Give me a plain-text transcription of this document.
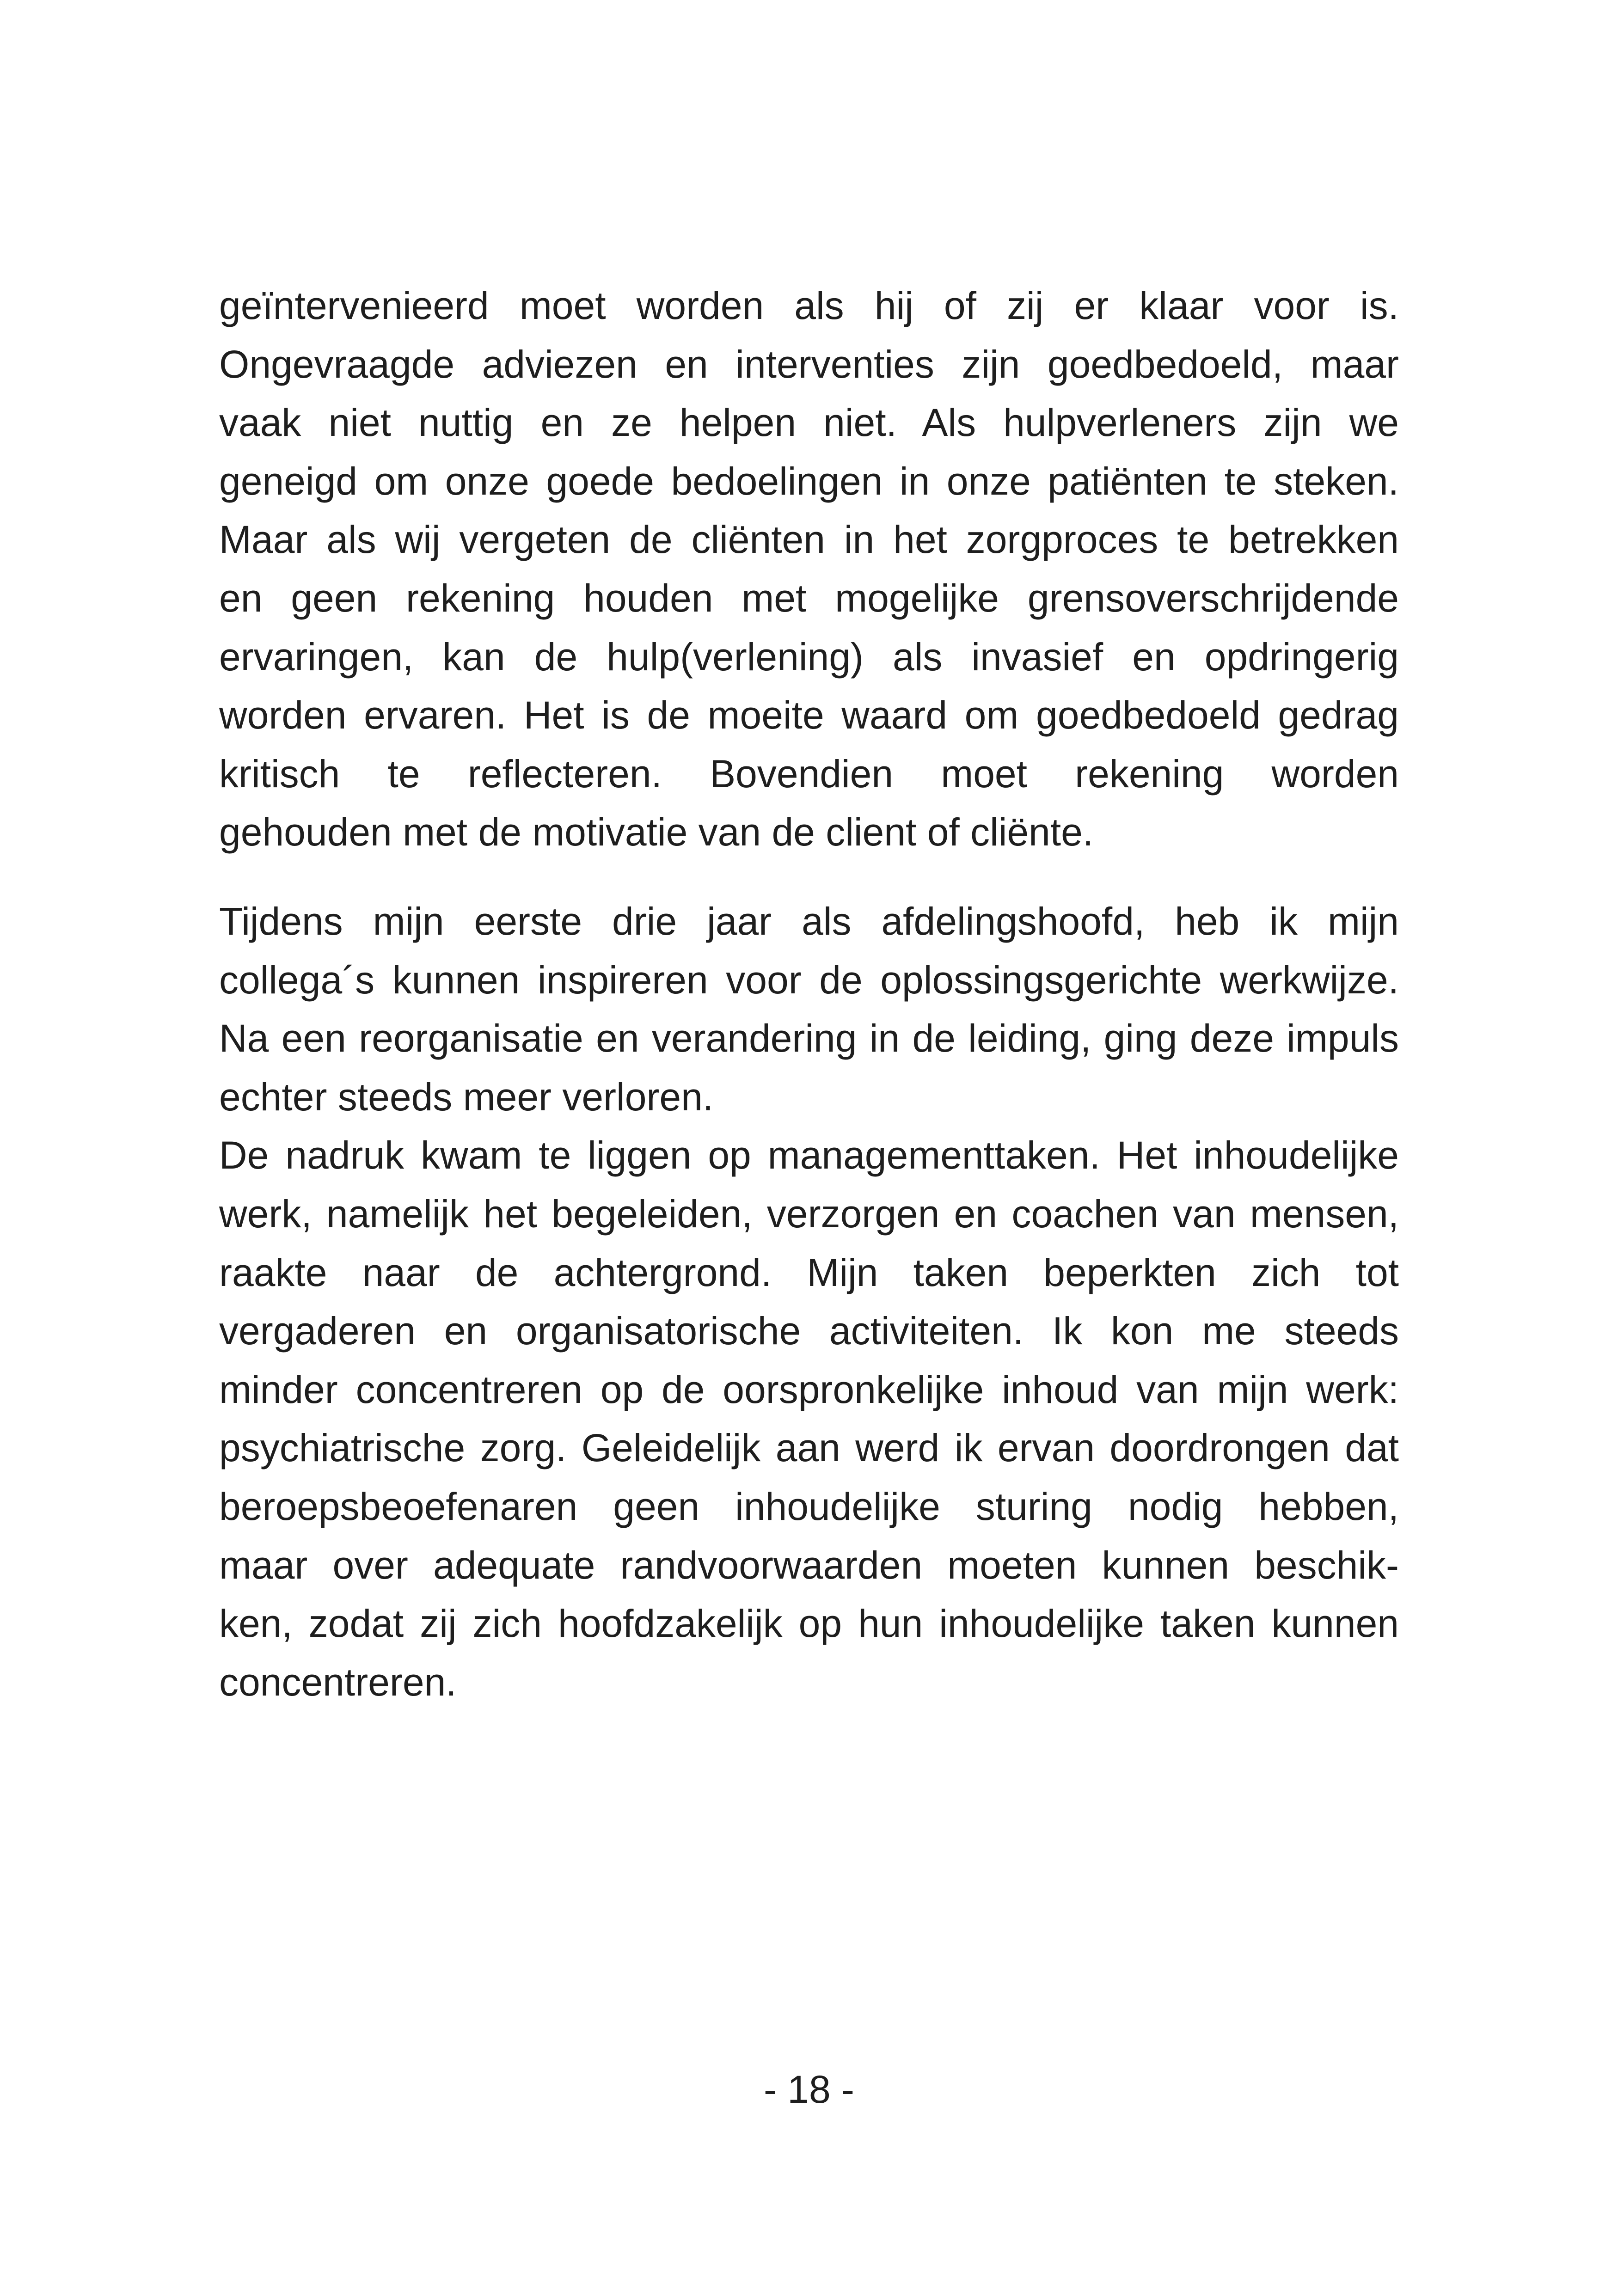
geïntervenieerd moet worden als hij of zij er klaar voor is.
Ongevraagde adviezen en interventies zijn goedbedoeld, maar
vaak niet nuttig en ze helpen niet. Als hulpverleners zijn we
geneigd om onze goede bedoelingen in onze patiënten te steken.
Maar als wij vergeten de cliënten in het zorgproces te betrekken
en geen rekening houden met mogelijke grensoverschrijdende
ervaringen, kan de hulp(verlening) als invasief en opdringerig
worden ervaren. Het is de moeite waard om goedbedoeld gedrag
kritisch te reflecteren. Bovendien moet rekening worden
gehouden met de motivatie van de client of cliënte.
Tijdens mijn eerste drie jaar als afdelingshoofd, heb ik mijn
collega´s kunnen inspireren voor de oplossingsgerichte werkwijze.
Na een reorganisatie en verandering in de leiding, ging deze impuls
echter steeds meer verloren.
De nadruk kwam te liggen op managementtaken. Het inhoudelijke
werk, namelijk het begeleiden, verzorgen en coachen van mensen,
raakte naar de achtergrond. Mijn taken beperkten zich tot
vergaderen en organisatorische activiteiten. Ik kon me steeds
minder concentreren op de oorspronkelijke inhoud van mijn werk:
psychiatrische zorg. Geleidelijk aan werd ik ervan doordrongen dat
beroepsbeoefenaren geen inhoudelijke sturing nodig hebben,
maar over adequate randvoorwaarden moeten kunnen beschik-
ken, zodat zij zich hoofdzakelijk op hun inhoudelijke taken kunnen
concentreren.
- 18 -
